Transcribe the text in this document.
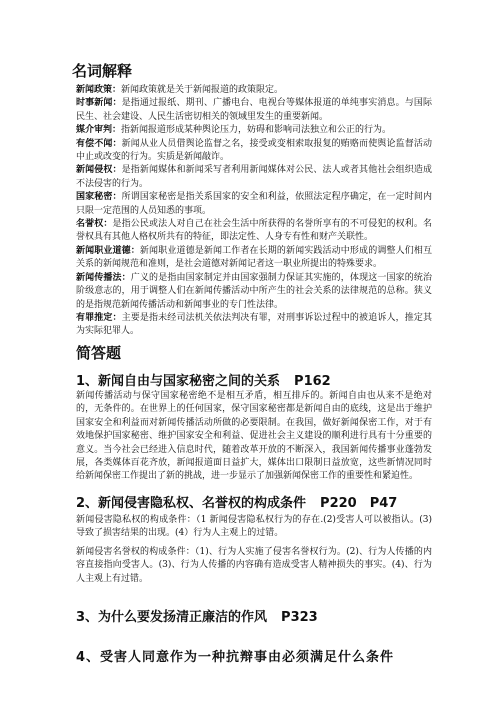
名词解释

新闻政策：新闻政策就是关于新闻报道的政策限定。

时事新闻：是指通过报纸、期刊、广播电台、电视台等媒体报道的单纯事实消息。与国际民生、社会建设、人民生活密切相关的领域里发生的重要新闻。

媒介审判：指新闻报道形成某种舆论压力，妨碍和影响司法独立和公正的行为。

有偿不闻：新闻从业人员借舆论监督之名，接受或变相索取报复的贿赂而使舆论监督活动中止或改变的行为。实质是新闻敲诈。

新闻侵权：是指新闻媒体和新闻采写者利用新闻媒体对公民、法人或者其他社会组织造成不法侵害的行为。

国家秘密：所谓国家秘密是指关系国家的安全和利益，依照法定程序确定，在一定时间内只限一定范围的人员知悉的事项。

名誉权：是指公民或法人对自己在社会生活中所获得的名誉所享有的不可侵犯的权利。名誉权具有其他人格权所共有的特征，即法定性、人身专有性和财产关联性。

新闻职业道德：新闻职业道德是新闻工作者在长期的新闻实践活动中形成的调整人们相互关系的新闻规范和准则，是社会道德对新闻记者这一职业所提出的特殊要求。

新闻传播法：广义的是指由国家制定并由国家强制力保证其实施的，体现这一国家的统治阶级意志的，用于调整人们在新闻传播活动中所产生的社会关系的法律规范的总称。狭义的是指规范新闻传播活动和新闻事业的专门性法律。

有罪推定：主要是指未经司法机关依法判决有罪，对刑事诉讼过程中的被追诉人，推定其为实际犯罪人。

简答题
1、新闻自由与国家秘密之间的关系 P162
新闻传播活动与保守国家秘密绝不是相互矛盾，相互排斥的。新闻自由也从来不是绝对的，无条件的。在世界上的任何国家，保守国家秘密都是新闻自由的底线，这是出于维护国家安全和利益而对新闻传播活动所做的必要限制。在我国，做好新闻保密工作，对于有效地保护国家秘密、维护国家安全和利益、促进社会主义建设的顺利进行具有十分重要的意义。当今社会已经进入信息时代，随着改革开放的不断深入，我国新闻传播事业蓬勃发展，各类媒体百花齐放，新闻报道面日益扩大，媒体出口限制日益放宽，这些新情况同时给新闻保密工作提出了新的挑战，进一步显示了加强新闻保密工作的重要性和紧迫性。
2、新闻侵害隐私权、名誉权的构成条件 P220　P47
新闻侵害隐私权的构成条件：（1 新闻侵害隐私权行为的存在.(2)受害人可以被指认。(3)导致了损害结果的出现。(4）行为人主观上的过错。
新闻侵害名誉权的构成条件：（1)、行为人实施了侵害名誉权行为。(2)、行为人传播的内容直接指向受害人。(3)、行为人传播的内容确有造成受害人精神损失的事实。(4)、行为人主观上有过错。
3、为什么要发扬清正廉洁的作风 P323
4、受害人同意作为一种抗辩事由必须满足什么条件
